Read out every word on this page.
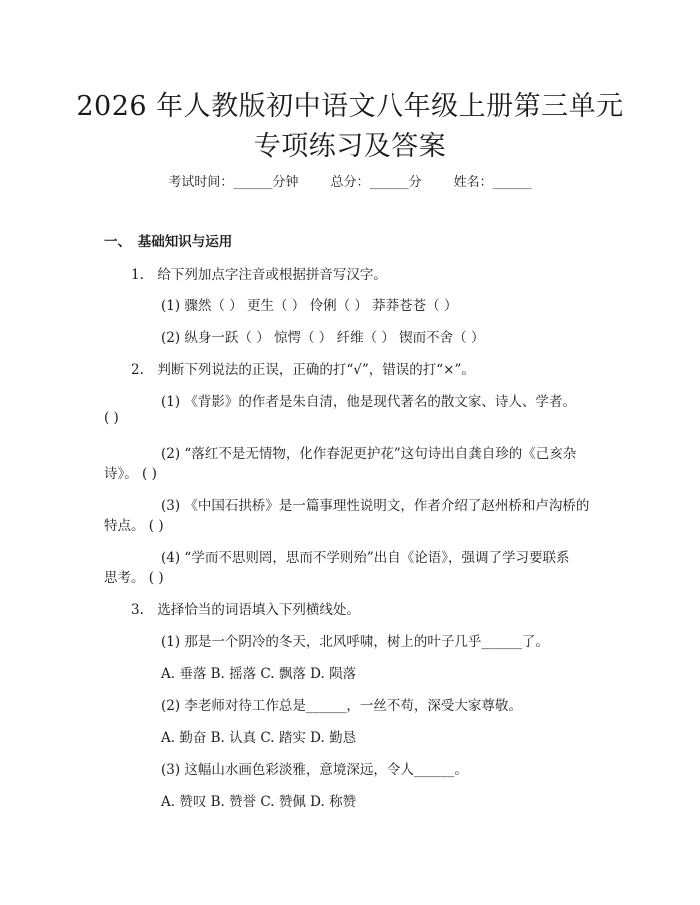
2026 年人教版初中语文八年级上册第三单元
专项练习及答案
考试时间：______分钟 总分：______分 姓名：______
一、　基础知识与运用
1.　给下列加点字注音或根据拼音写汉字。
(1) 骤然（ ） 更生（ ） 伶俐（ ） 莽莽苍苍（ ）
(2) 纵身一跃（ ） 惊愕（ ） 纤维（ ） 锲而不舍（ ）
2.　判断下列说法的正误，正确的打“√”，错误的打“×”。
(1) 《背影》的作者是朱自清，他是现代著名的散文家、诗人、学者。
( )
(2) “落红不是无情物，化作春泥更护花”这句诗出自龚自珍的《己亥杂
诗》。 ( )
(3) 《中国石拱桥》是一篇事理性说明文，作者介绍了赵州桥和卢沟桥的
特点。 ( )
(4) “学而不思则罔，思而不学则殆”出自《论语》，强调了学习要联系
思考。 ( )
3.　选择恰当的词语填入下列横线处。
(1) 那是一个阴冷的冬天，北风呼啸，树上的叶子几乎______了。
A. 垂落 B. 摇落 C. 飘落 D. 陨落
(2) 李老师对待工作总是______，一丝不苟，深受大家尊敬。
A. 勤奋 B. 认真 C. 踏实 D. 勤恳
(3) 这幅山水画色彩淡雅，意境深远，令人______。
A. 赞叹 B. 赞誉 C. 赞佩 D. 称赞
